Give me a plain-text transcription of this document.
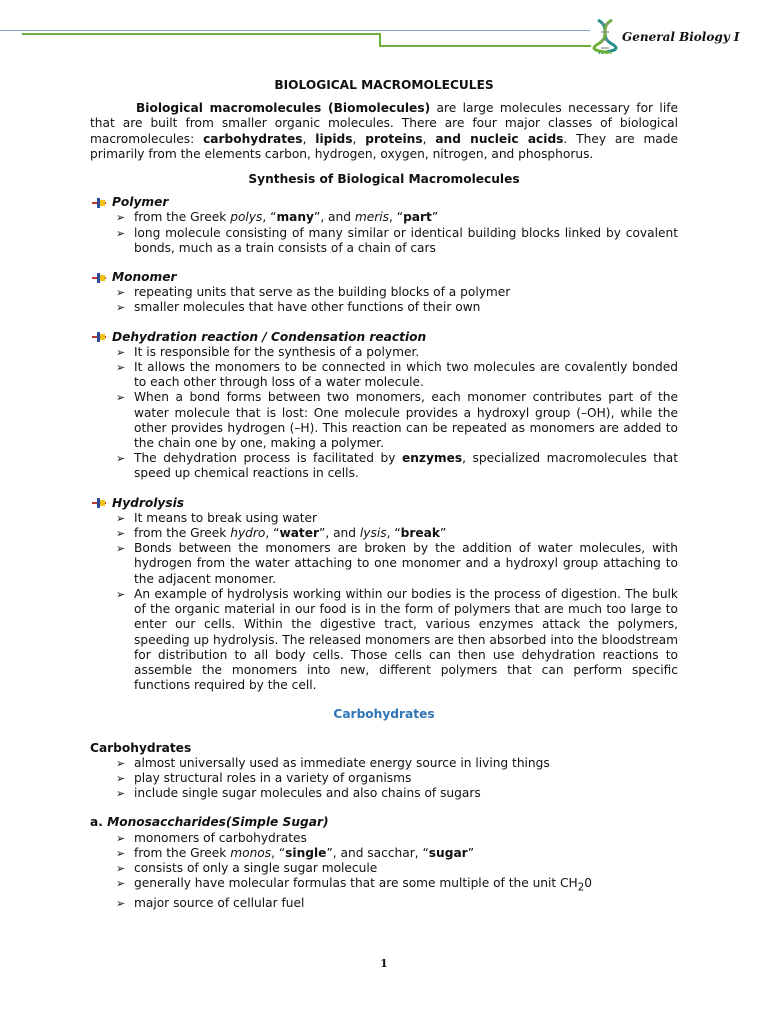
General Biology I
BIOLOGICAL MACROMOLECULES

Biological macromolecules (Biomolecules) are large molecules necessary for life that are built from smaller organic molecules. There are four major classes of biological macromolecules: carbohydrates, lipids, proteins, and nucleic acids. They are made primarily from the elements carbon, hydrogen, oxygen, nitrogen, and phosphorus.

Synthesis of Biological Macromolecules
Polymer
➢ from the Greek polys, “many”, and meris, “part”
➢ long molecule consisting of many similar or identical building blocks linked by covalent bonds, much as a train consists of a chain of cars
Monomer
➢ repeating units that serve as the building blocks of a polymer
➢ smaller molecules that have other functions of their own
Dehydration reaction / Condensation reaction
➢ It is responsible for the synthesis of a polymer.
➢ It allows the monomers to be connected in which two molecules are covalently bonded to each other through loss of a water molecule.
➢ When a bond forms between two monomers, each monomer contributes part of the water molecule that is lost: One molecule provides a hydroxyl group (–OH), while the other provides hydrogen (–H). This reaction can be repeated as monomers are added to the chain one by one, making a polymer.
➢ The dehydration process is facilitated by enzymes, specialized macromolecules that speed up chemical reactions in cells.
Hydrolysis
➢ It means to break using water
➢ from the Greek hydro, “water”, and lysis, “break”
➢ Bonds between the monomers are broken by the addition of water molecules, with hydrogen from the water attaching to one monomer and a hydroxyl group attaching to the adjacent monomer.
➢ An example of hydrolysis working within our bodies is the process of digestion. The bulk of the organic material in our food is in the form of polymers that are much too large to enter our cells. Within the digestive tract, various enzymes attack the polymers, speeding up hydrolysis. The released monomers are then absorbed into the bloodstream for distribution to all body cells. Those cells can then use dehydration reactions to assemble the monomers into new, different polymers that can perform specific functions required by the cell.
Carbohydrates
Carbohydrates
➢ almost universally used as immediate energy source in living things
➢ play structural roles in a variety of organisms
➢ include single sugar molecules and also chains of sugars
a. Monosaccharides(Simple Sugar)
➢ monomers of carbohydrates
➢ from the Greek monos, “single”, and sacchar, “sugar”
➢ consists of only a single sugar molecule
➢ generally have molecular formulas that are some multiple of the unit $CH_20$
➢ major source of cellular fuel
1
